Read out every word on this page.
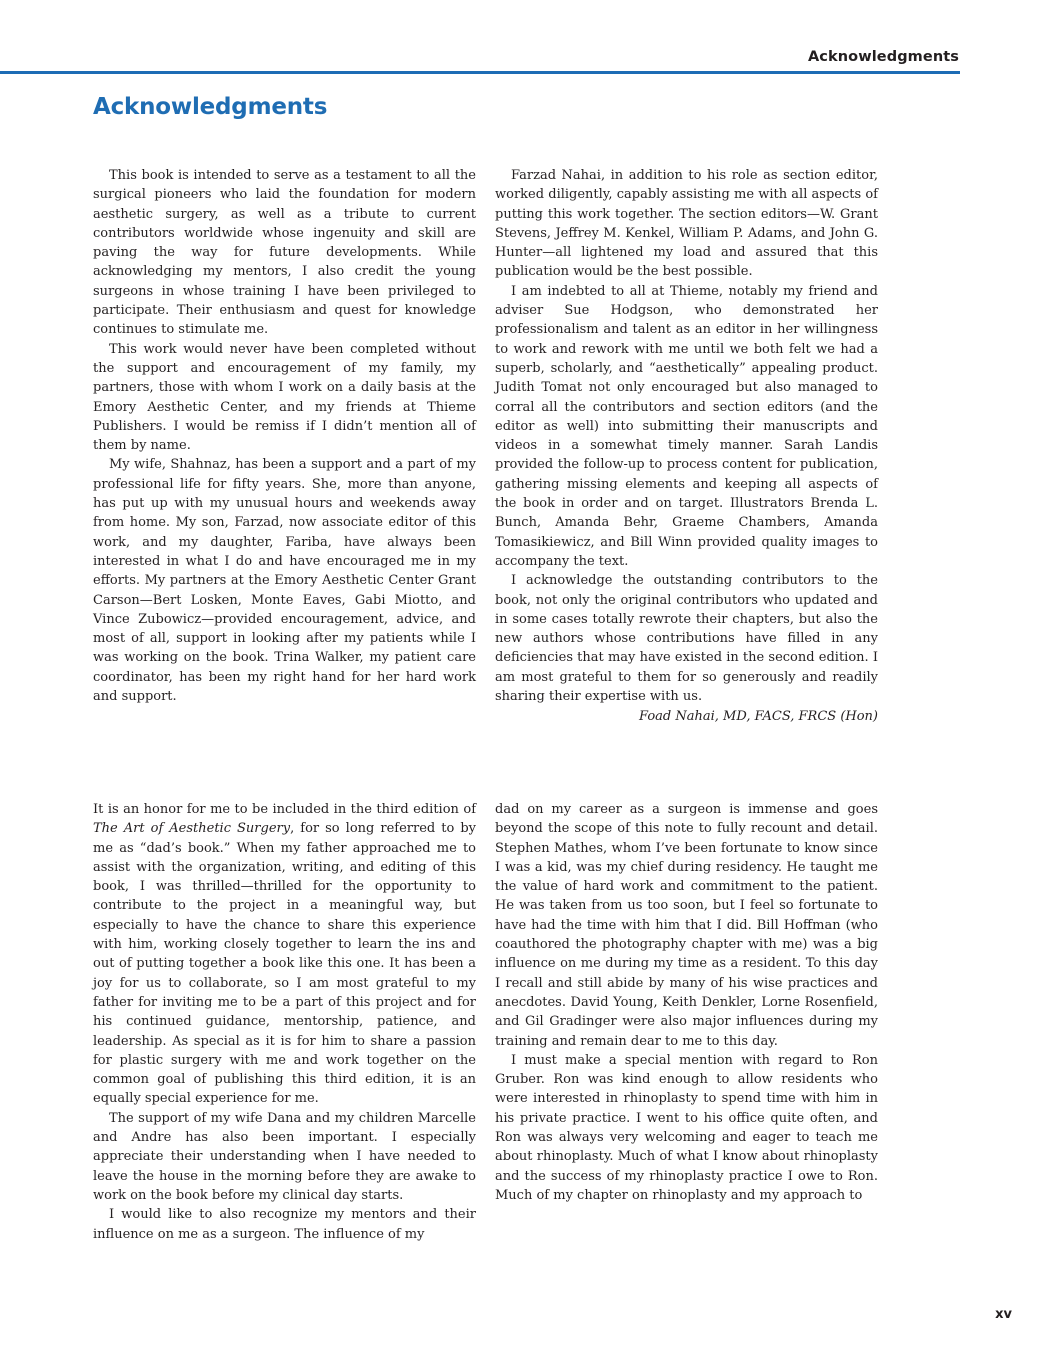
Acknowledgments
Acknowledgments

This book is intended to serve as a testament to all the surgical pioneers who laid the foundation for modern aesthetic surgery, as well as a tribute to current contributors worldwide whose ingenuity and skill are paving the way for future developments. While acknowledging my mentors, I also credit the young surgeons in whose training I have been privileged to participate. Their enthusiasm and quest for knowledge continues to stimulate me.

This work would never have been completed without the support and encouragement of my family, my partners, those with whom I work on a daily basis at the Emory Aesthetic Center, and my friends at Thieme Publishers. I would be remiss if I didn’t mention all of them by name.

My wife, Shahnaz, has been a support and a part of my professional life for fifty years. She, more than anyone, has put up with my unusual hours and weekends away from home. My son, Farzad, now associate editor of this work, and my daughter, Fariba, have always been interested in what I do and have encouraged me in my efforts. My partners at the Emory Aesthetic Center Grant Carson—Bert Losken, Monte Eaves, Gabi Miotto, and Vince Zubowicz—provided encouragement, advice, and most of all, support in looking after my patients while I was working on the book. Trina Walker, my patient care coordinator, has been my right hand for her hard work and support.

Farzad Nahai, in addition to his role as section editor, worked diligently, capably assisting me with all aspects of putting this work together. The section editors—W. Grant Stevens, Jeffrey M. Kenkel, William P. Adams, and John G. Hunter—all lightened my load and assured that this publication would be the best possible.

I am indebted to all at Thieme, notably my friend and adviser Sue Hodgson, who demonstrated her professionalism and talent as an editor in her willingness to work and rework with me until we both felt we had a superb, scholarly, and “aesthetically” appealing product. Judith Tomat not only encouraged but also managed to corral all the contributors and section editors (and the editor as well) into submitting their manuscripts and videos in a somewhat timely manner. Sarah Landis provided the follow-up to process content for publication, gathering missing elements and keeping all aspects of the book in order and on target. Illustrators Brenda L. Bunch, Amanda Behr, Graeme Chambers, Amanda Tomasikiewicz, and Bill Winn provided quality images to accompany the text.

I acknowledge the outstanding contributors to the book, not only the original contributors who updated and in some cases totally rewrote their chapters, but also the new authors whose contributions have filled in any deficiencies that may have existed in the second edition. I am most grateful to them for so generously and readily sharing their expertise with us.

Foad Nahai, MD, FACS, FRCS (Hon)

It is an honor for me to be included in the third edition of The Art of Aesthetic Surgery, for so long referred to by me as “dad’s book.” When my father approached me to assist with the organization, writing, and editing of this book, I was thrilled—thrilled for the opportunity to contribute to the project in a meaningful way, but especially to have the chance to share this experience with him, working closely together to learn the ins and out of putting together a book like this one. It has been a joy for us to collaborate, so I am most grateful to my father for inviting me to be a part of this project and for his continued guidance, mentorship, patience, and leadership. As special as it is for him to share a passion for plastic surgery with me and work together on the common goal of publishing this third edition, it is an equally special experience for me.

The support of my wife Dana and my children Marcelle and Andre has also been important. I especially appreciate their understanding when I have needed to leave the house in the morning before they are awake to work on the book before my clinical day starts.

I would like to also recognize my mentors and their influence on me as a surgeon. The influence of my

dad on my career as a surgeon is immense and goes beyond the scope of this note to fully recount and detail. Stephen Mathes, whom I’ve been fortunate to know since I was a kid, was my chief during residency. He taught me the value of hard work and commitment to the patient. He was taken from us too soon, but I feel so fortunate to have had the time with him that I did. Bill Hoffman (who coauthored the photography chapter with me) was a big influence on me during my time as a resident. To this day I recall and still abide by many of his wise practices and anecdotes. David Young, Keith Denkler, Lorne Rosenfield, and Gil Gradinger were also major influences during my training and remain dear to me to this day.

I must make a special mention with regard to Ron Gruber. Ron was kind enough to allow residents who were interested in rhinoplasty to spend time with him in his private practice. I went to his office quite often, and Ron was always very welcoming and eager to teach me about rhinoplasty. Much of what I know about rhinoplasty and the success of my rhinoplasty practice I owe to Ron. Much of my chapter on rhinoplasty and my approach to

xv
